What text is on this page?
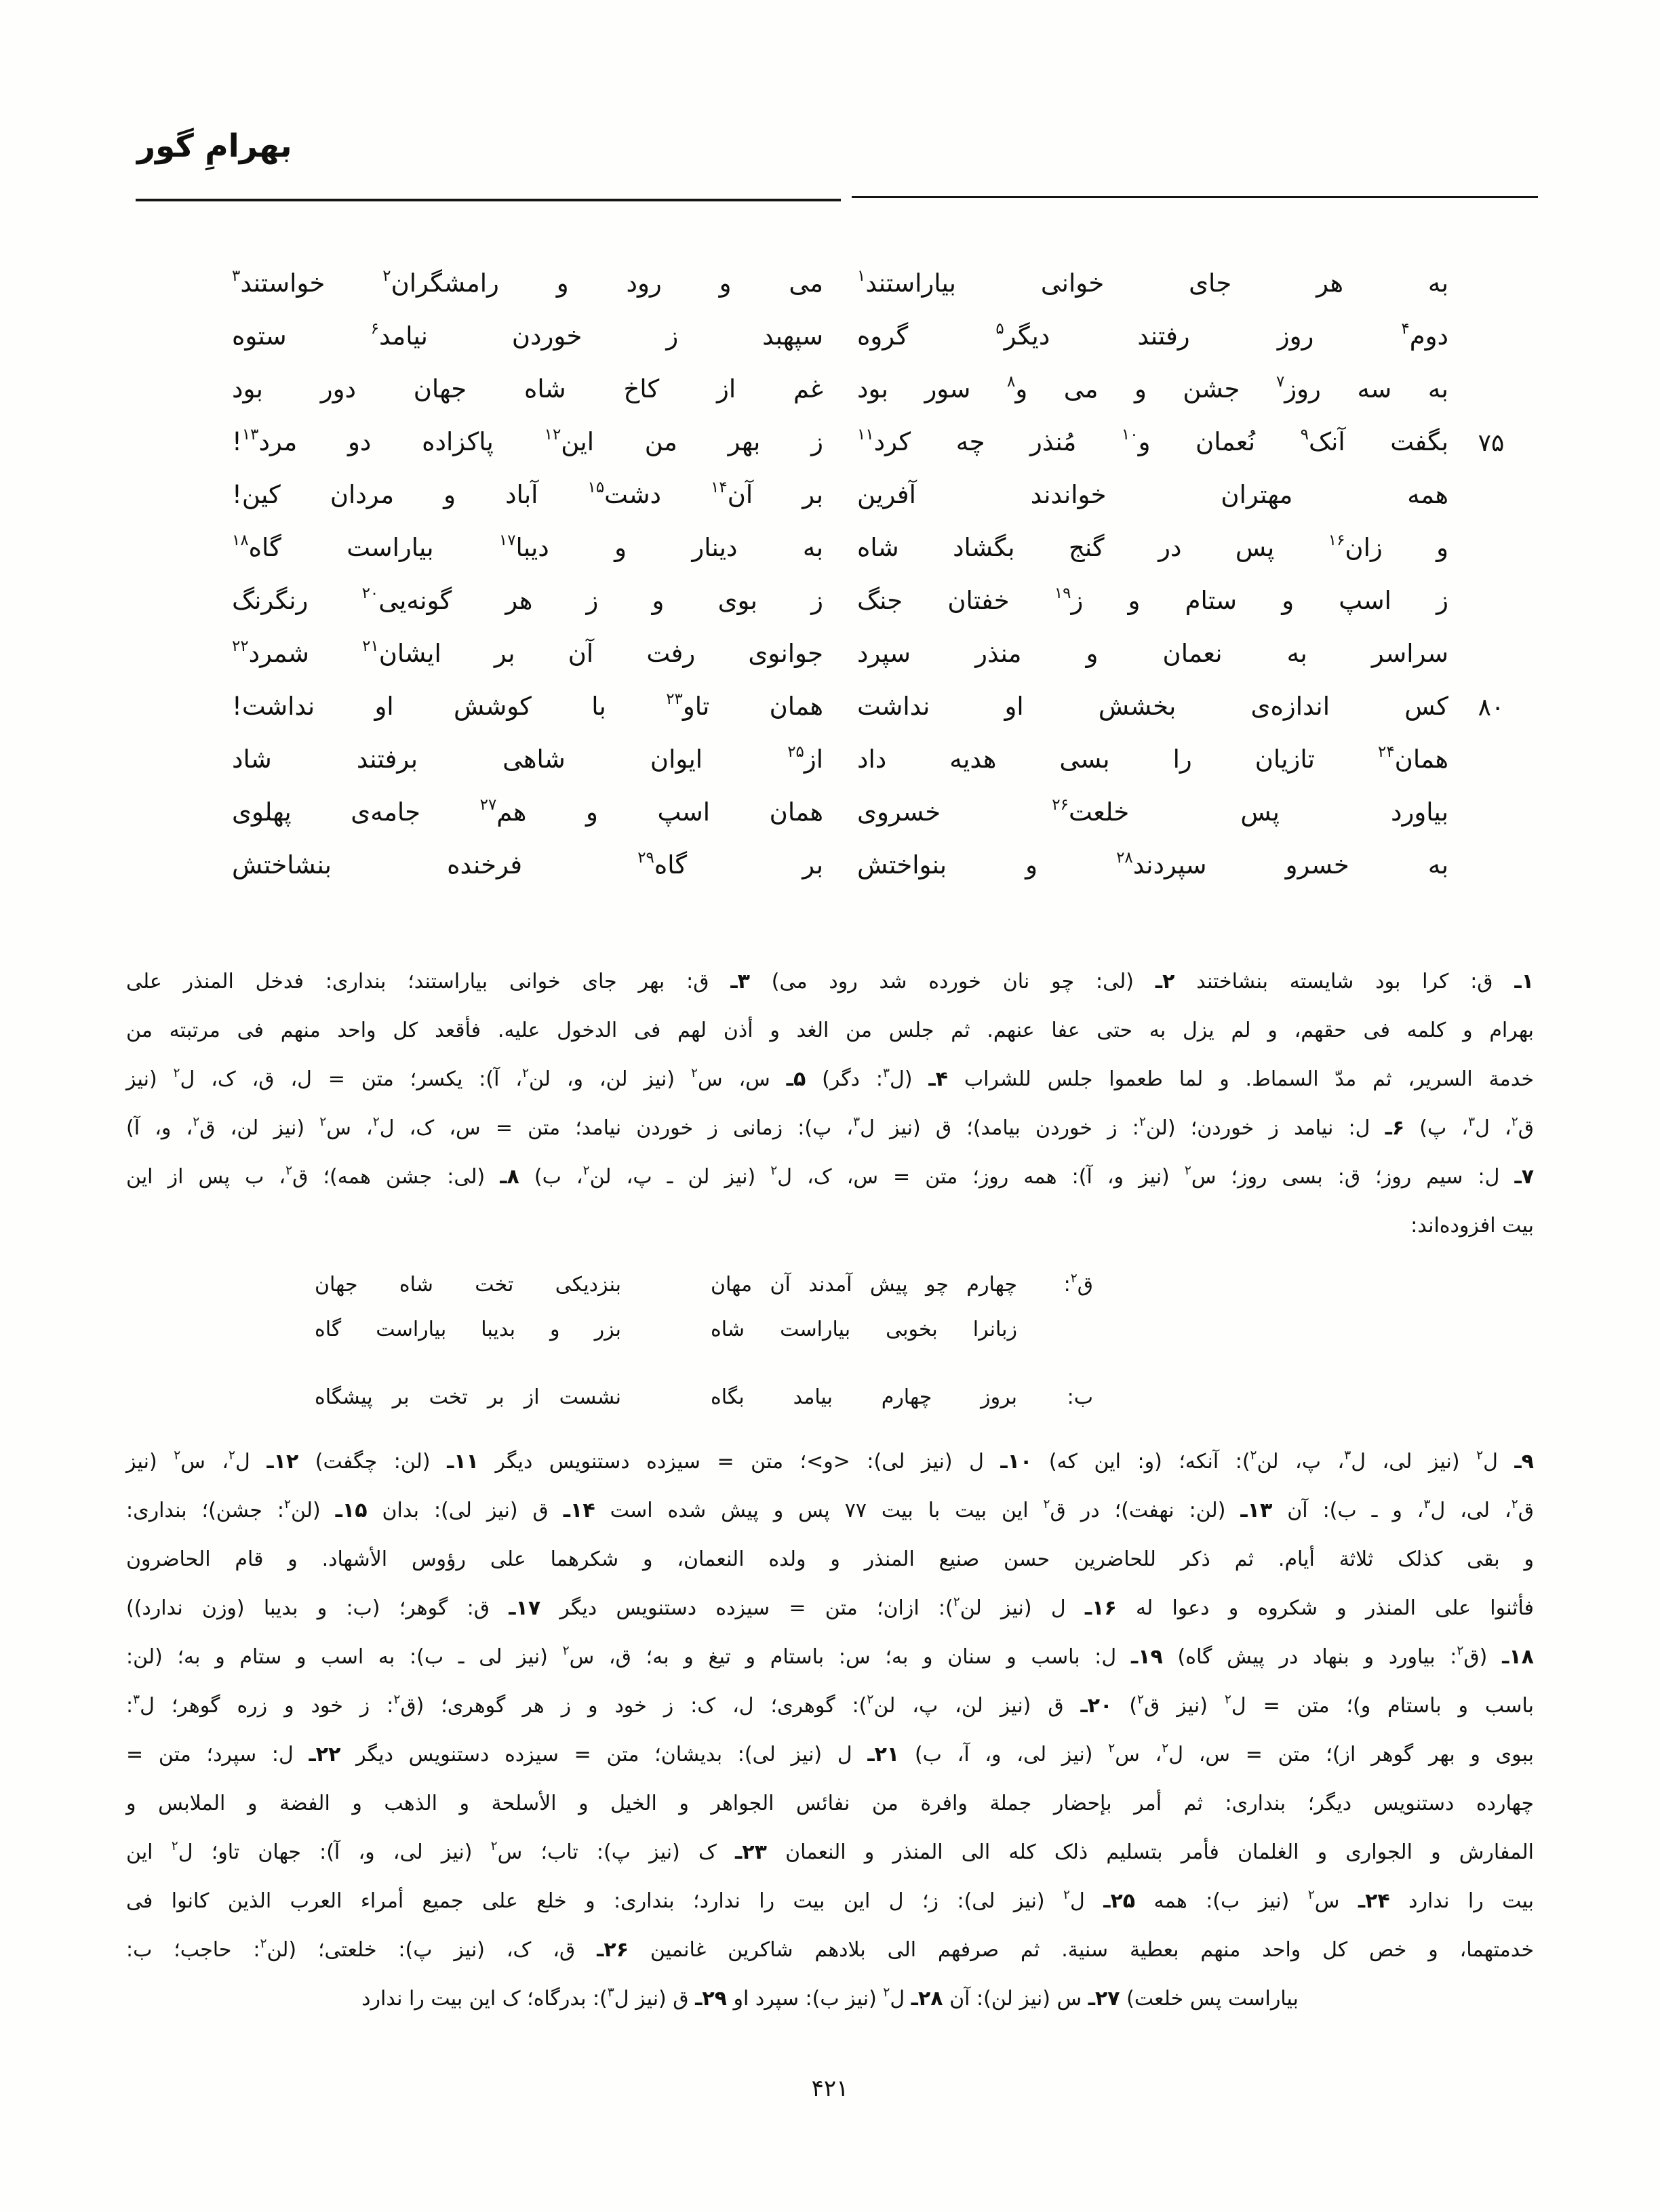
بهرامِ گور
به هر جای خوانی بیاراستند$^۱$
می و رود و رامشگران$^۲$ خواستند$^۳$
دوم$^۴$ روز رفتند دیگر$^۵$ گروه
سپهبد ز خوردن نیامد$^۶$ ستوه
به سه روز$^۷$ جشن و می و$^۸$ سور بود
غم از کاخ شاه جهان دور بود
۷۵
بگفت آنک$^۹$ نُعمان و$^{۱۰}$ مُنذر چه کرد$^{۱۱}$
ز بهر من این$^{۱۲}$ پاکزاده دو مرد$^{۱۳}$!
همه مهتران خواندند آفرین
بر آن$^{۱۴}$ دشت$^{۱۵}$ آباد و مردان کین!
و زان$^{۱۶}$ پس در گنج بگشاد شاه
به دینار و دیبا$^{۱۷}$ بیاراست گاه$^{۱۸}$
ز اسپ و ستام و ز$^{۱۹}$ خفتان جنگ
ز بوی و ز هر گونه‌یی$^{۲۰}$ رنگرنگ
سراسر به نعمان و منذر سپرد
جوانوی رفت آن بر ایشان$^{۲۱}$ شمرد$^{۲۲}$
۸۰
کس اندازه‌ی بخشش او نداشت
همان تاو$^{۲۳}$ با کوشش او نداشت!
همان$^{۲۴}$ تازیان را بسی هدیه داد
از$^{۲۵}$ ایوان شاهی برفتند شاد
بیاورد پس خلعت$^{۲۶}$ خسروی
همان اسپ و هم$^{۲۷}$ جامه‌ی پهلوی
به خسرو سپردند$^{۲۸}$ و بنواختش
بر گاه$^{۲۹}$ فرخنده بنشاختش
۱ـ ق: کرا بود شایسته بنشاختند ۲ـ (لی: چو نان خورده شد رود می) ۳ـ ق: بهر جای خوانی بیاراستند؛ بنداری: فدخل المنذر علی
بهرام و کلمه فی حقهم، و لم یزل به حتی عفا عنهم. ثم جلس من الغد و أذن لهم فی الدخول علیه. فأقعد کل واحد منهم فی مرتبته من
خدمة السریر، ثم مدّ السماط. و لما طعموا جلس للشراب ۴ـ (ل$^۳$: دگر) ۵ـ س، س$^۲$ (نیز لن، و، لن$^۲$، آ): یکسر؛ متن = ل، ق، ک، ل$^۲$ (نیز
ق$^۲$، ل$^۳$، پ) ۶ـ ل: نیامد ز خوردن؛ (لن$^۲$: ز خوردن بیامد)؛ ق (نیز ل$^۳$، پ): زمانی ز خوردن نیامد؛ متن = س، ک، ل$^۲$، س$^۲$ (نیز لن، ق$^۲$، و، آ)
۷ـ ل: سیم روز؛ ق: بسی روز؛ س$^۲$ (نیز و، آ): همه روز؛ متن = س، ک، ل$^۲$ (نیز لن ـ پ، لن$^۲$، ب) ۸ـ (لی: جشن همه)؛ ق$^۲$، ب پس از این
بیت افزوده‌اند:
ق$^۲$:
چهارم چو پیش آمدند آن مهان
بنزدیکی تخت شاه جهان
زبانرا بخوبی بیاراست شاه
بزر و بدیبا بیاراست گاه
ب:
بروز چهارم بیامد بگاه
نشست از بر تخت بر پیشگاه
۹ـ ل$^۲$ (نیز لی، ل$^۳$، پ، لن$^۲$): آنکه؛ (و: این که) ۱۰ـ ل (نیز لی): <و>؛ متن = سیزده دستنویس دیگر ۱۱ـ (لن: چگفت) ۱۲ـ ل$^۲$، س$^۲$ (نیز
ق$^۲$، لی، ل$^۳$، و ـ ب): آن ۱۳ـ (لن: نهفت)؛ در ق$^۲$ این بیت با بیت ۷۷ پس و پیش شده است ۱۴ـ ق (نیز لی): بدان ۱۵ـ (لن$^۲$: جشن)؛ بنداری:
و بقی کذلک ثلاثة أیام. ثم ذکر للحاضرین حسن صنیع المنذر و ولده النعمان، و شکرهما علی رؤوس الأشهاد. و قام الحاضرون
فأثنوا علی المنذر و شکروه و دعوا له ۱۶ـ ل (نیز لن$^۲$): ازان؛ متن = سیزده دستنویس دیگر ۱۷ـ ق: گوهر؛ (ب: و بدیبا (وزن ندارد))
۱۸ـ (ق$^۲$: بیاورد و بنهاد در پیش گاه) ۱۹ـ ل: باسب و سنان و به؛ س: باستام و تیغ و به؛ ق، س$^۲$ (نیز لی ـ ب): به اسب و ستام و به؛ (لن:
باسب و باستام و)؛ متن = ل$^۲$ (نیز ق$^۲$) ۲۰ـ ق (نیز لن، پ، لن$^۲$): گوهری؛ ل، ک: ز خود و ز هر گوهری؛ (ق$^۲$: ز خود و زره گوهر؛ ل$^۳$:
ببوی و بهر گوهر از)؛ متن = س، ل$^۲$، س$^۲$ (نیز لی، و، آ، ب) ۲۱ـ ل (نیز لی): بدیشان؛ متن = سیزده دستنویس دیگر ۲۲ـ ل: سپرد؛ متن =
چهارده دستنویس دیگر؛ بنداری: ثم أمر بإحضار جملة وافرة من نفائس الجواهر و الخیل و الأسلحة و الذهب و الفضة و الملابس و
المفارش و الجواری و الغلمان فأمر بتسلیم ذلک کله الی المنذر و النعمان ۲۳ـ ک (نیز پ): تاب؛ س$^۲$ (نیز لی، و، آ): جهان تاو؛ ل$^۲$ این
بیت را ندارد ۲۴ـ س$^۲$ (نیز ب): همه ۲۵ـ ل$^۲$ (نیز لی): ز؛ ل این بیت را ندارد؛ بنداری: و خلع علی جمیع أمراء العرب الذین کانوا فی
خدمتهما، و خص کل واحد منهم بعطیة سنیة. ثم صرفهم الی بلادهم شاکرین غانمین ۲۶ـ ق، ک، (نیز پ): خلعتی؛ (لن$^۲$: حاجب؛ ب:
بیاراست پس خلعت) ۲۷ـ س (نیز لن): آن ۲۸ـ ل$^۲$ (نیز ب): سپرد او ۲۹ـ ق (نیز ل$^۳$): بدرگاه؛ ک این بیت را ندارد
۴۲۱
